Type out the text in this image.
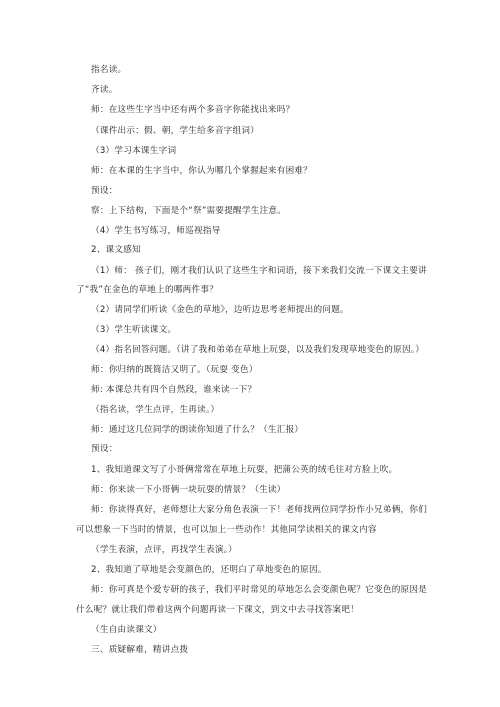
指名读。
齐读。
师：在这些生字当中还有两个多音字你能找出来吗？
（课件出示：假、朝，学生给多音字组词）
（3）学习本课生字词
师：在本课的生字当中，你认为哪几个掌握起来有困难？
预设：
察：上下结构，下面是个“祭”需要提醒学生注意。
（4）学生书写练习，师巡视指导
2、课文感知
（1）师： 孩子们，刚才我们认识了这些生字和词语，接下来我们交流一下课文主要讲
了“我”在金色的草地上的哪两件事？
（2）请同学们听读《金色的草地》，边听边思考老师提出的问题。
（3）学生听读课文。
（4）指名回答问题。（讲了我和弟弟在草地上玩耍，以及我们发现草地变色的原因。）
师：你归纳的既简洁又明了。（玩耍 变色）
师: 本课总共有四个自然段，谁来读一下？
（指名读，学生点评，生再读。）
师：通过这几位同学的朗读你知道了什么？（生汇报）
预设：
1、我知道课文写了小哥俩常常在草地上玩耍，把蒲公英的绒毛往对方脸上吹。
师：你来读一下小哥俩一块玩耍的情景？（生读）
师：你读得真好，老师想让大家分角色表演一下！老师找两位同学扮作小兄弟俩，你们
可以想象一下当时的情景，也可以加上一些动作！其他同学读相关的课文内容
（学生表演，点评，再找学生表演。）
2、我知道了草地是会变颜色的，还明白了草地变色的原因。
师：你可真是个爱专研的孩子，我们平时常见的草地怎么会变颜色呢？它变色的原因是
什么呢？就让我们带着这两个问题再读一下课文，到文中去寻找答案吧！
（生自由读课文）
三、质疑解难，精讲点拨
